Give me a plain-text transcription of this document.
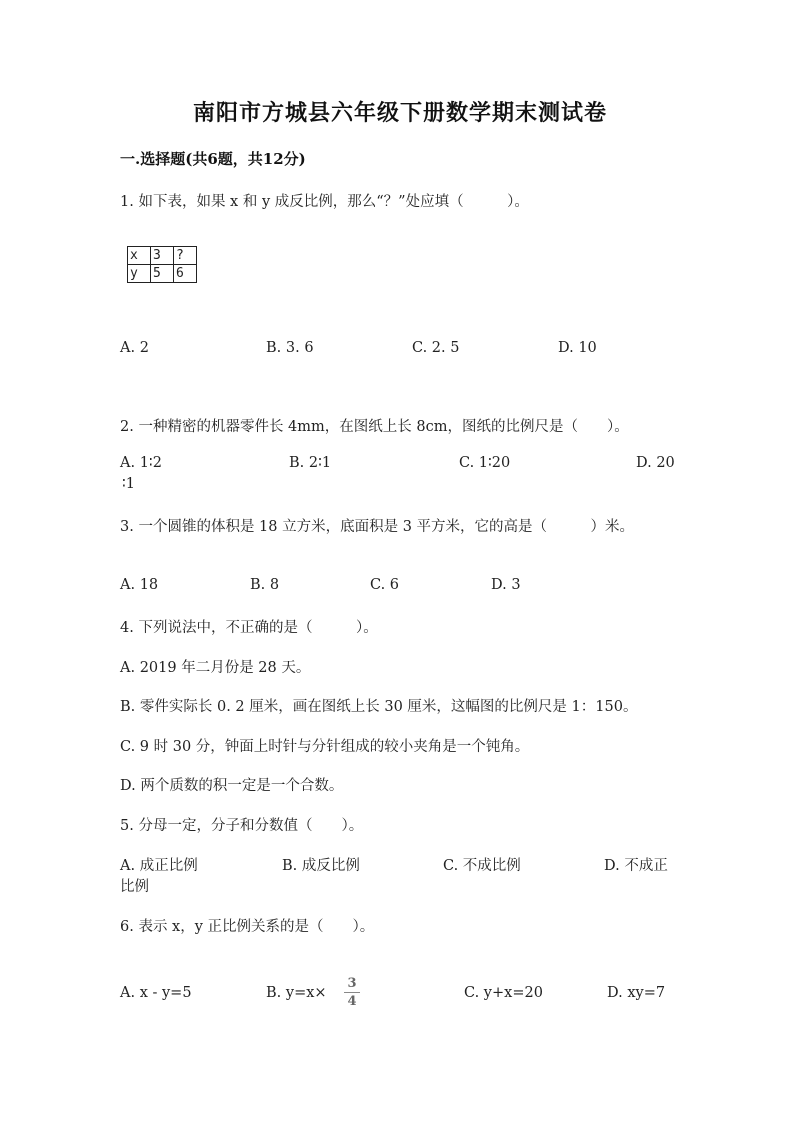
南阳市方城县六年级下册数学期末测试卷
一.选择题(共6题，共12分)
1. 如下表，如果 x 和 y 成反比例，那么“？”处应填（　　　）。
x	3	?
y	5	6
A. 2	B. 3. 6	C. 2. 5	D. 10
2. 一种精密的机器零件长 4mm，在图纸上长 8cm，图纸的比例尺是（　　）。
A. 1∶2	B. 2∶1	C. 1∶20	D. 20
∶1
3. 一个圆锥的体积是 18 立方米，底面积是 3 平方米，它的高是（　　　）米。
A. 18	B. 8	C. 6	D. 3
4. 下列说法中，不正确的是（　　　）。
A. 2019 年二月份是 28 天。
B. 零件实际长 0. 2 厘米，画在图纸上长 30 厘米，这幅图的比例尺是 1：150。
C. 9 时 30 分，钟面上时针与分针组成的较小夹角是一个钝角。
D. 两个质数的积一定是一个合数。
5. 分母一定，分子和分数值（　　）。
A. 成正比例	B. 成反比例	C. 不成比例	D. 不成正
比例
6. 表示 x，y 正比例关系的是（　　）。
A. x - y=5	B. y=x×
3
4
C. y+x=20	D. xy=7
